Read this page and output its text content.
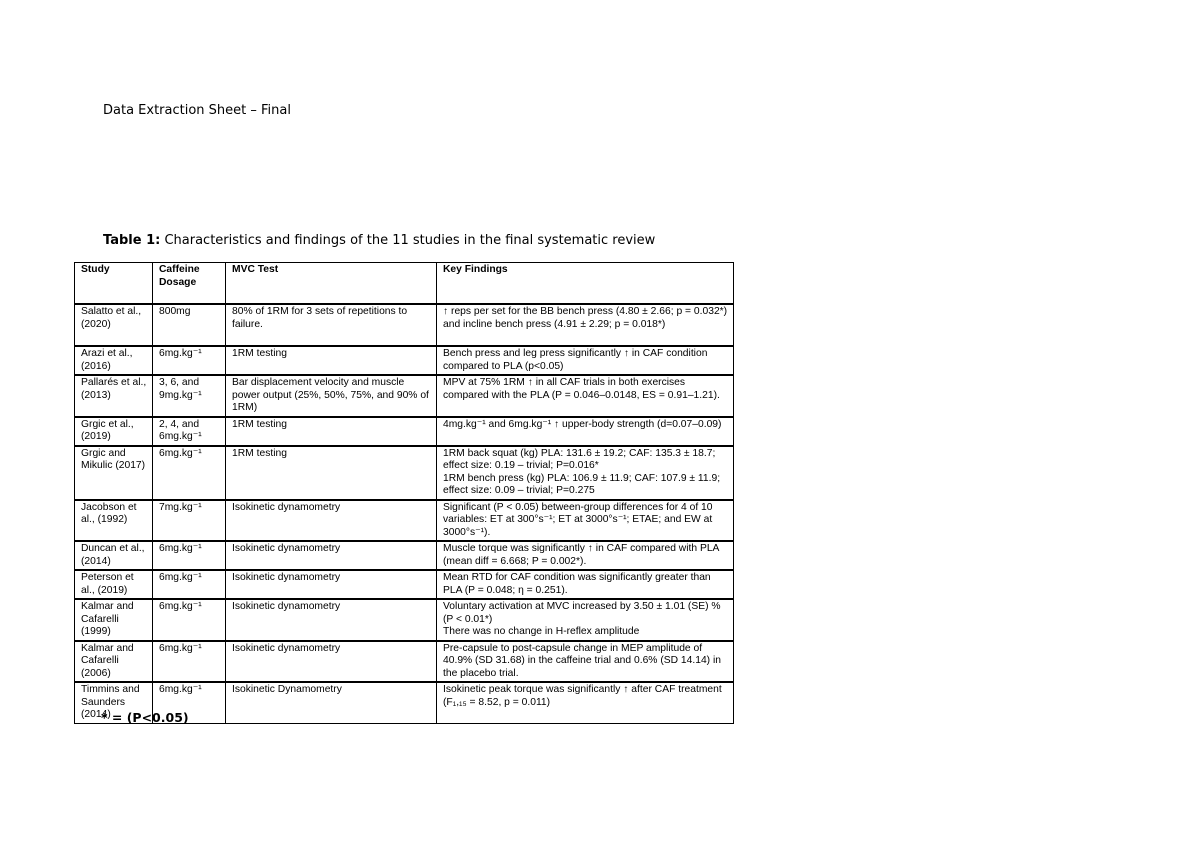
Data Extraction Sheet – Final
Table 1: Characteristics and findings of the 11 studies in the final systematic review
Study	Caffeine Dosage	MVC Test	Key Findings
Salatto et al., (2020)	800mg	80% of 1RM for 3 sets of repetitions to failure.	↑ reps per set for the BB bench press (4.80 ± 2.66; p = 0.032*) and incline bench press (4.91 ± 2.29; p = 0.018*)

Arazi et al., (2016)	6mg.kg⁻¹	1RM testing	Bench press and leg press significantly ↑ in CAF condition compared to PLA (p<0.05)

Pallarés et al., (2013)	3, 6, and 9mg.kg⁻¹	Bar displacement velocity and muscle power output (25%, 50%, 75%, and 90% of 1RM)	MPV at 75% 1RM ↑ in all CAF trials in both exercises compared with the PLA (P = 0.046–0.0148, ES = 0.91–1.21).

Grgic et al., (2019)	2, 4, and 6mg.kg⁻¹	1RM testing	4mg.kg⁻¹ and 6mg.kg⁻¹ ↑ upper-body strength (d=0.07–0.09)

Grgic and Mikulic (2017)	6mg.kg⁻¹	1RM testing	1RM back squat (kg) PLA: 131.6 ± 19.2; CAF: 135.3 ± 18.7; effect size: 0.19 – trivial; P=0.016*
1RM bench press (kg) PLA: 106.9 ± 11.9; CAF: 107.9 ± 11.9; effect size: 0.09 – trivial; P=0.275

Jacobson et al., (1992)	7mg.kg⁻¹	Isokinetic dynamometry	Significant (P < 0.05) between-group differences for 4 of 10 variables: ET at 300°s⁻¹; ET at 3000°s⁻¹; ETAE; and EW at 3000°s⁻¹).

Duncan et al., (2014)	6mg.kg⁻¹	Isokinetic dynamometry	Muscle torque was significantly ↑ in CAF compared with PLA (mean diff = 6.668; P = 0.002*).

Peterson et al., (2019)	6mg.kg⁻¹	Isokinetic dynamometry	Mean RTD for CAF condition was significantly greater than PLA (P = 0.048; η = 0.251).

Kalmar and Cafarelli (1999)	6mg.kg⁻¹	Isokinetic dynamometry	Voluntary activation at MVC increased by 3.50 ± 1.01 (SE) % (P < 0.01*)
There was no change in H-reflex amplitude

Kalmar and Cafarelli (2006)	6mg.kg⁻¹	Isokinetic dynamometry	Pre-capsule to post-capsule change in MEP amplitude of 40.9% (SD 31.68) in the caffeine trial and 0.6% (SD 14.14) in the placebo trial.

Timmins and Saunders (2014)	6mg.kg⁻¹	Isokinetic Dynamometry	Isokinetic peak torque was significantly ↑ after CAF treatment (F₁,₁₅ = 8.52, p = 0.011)
* = (P<0.05)
